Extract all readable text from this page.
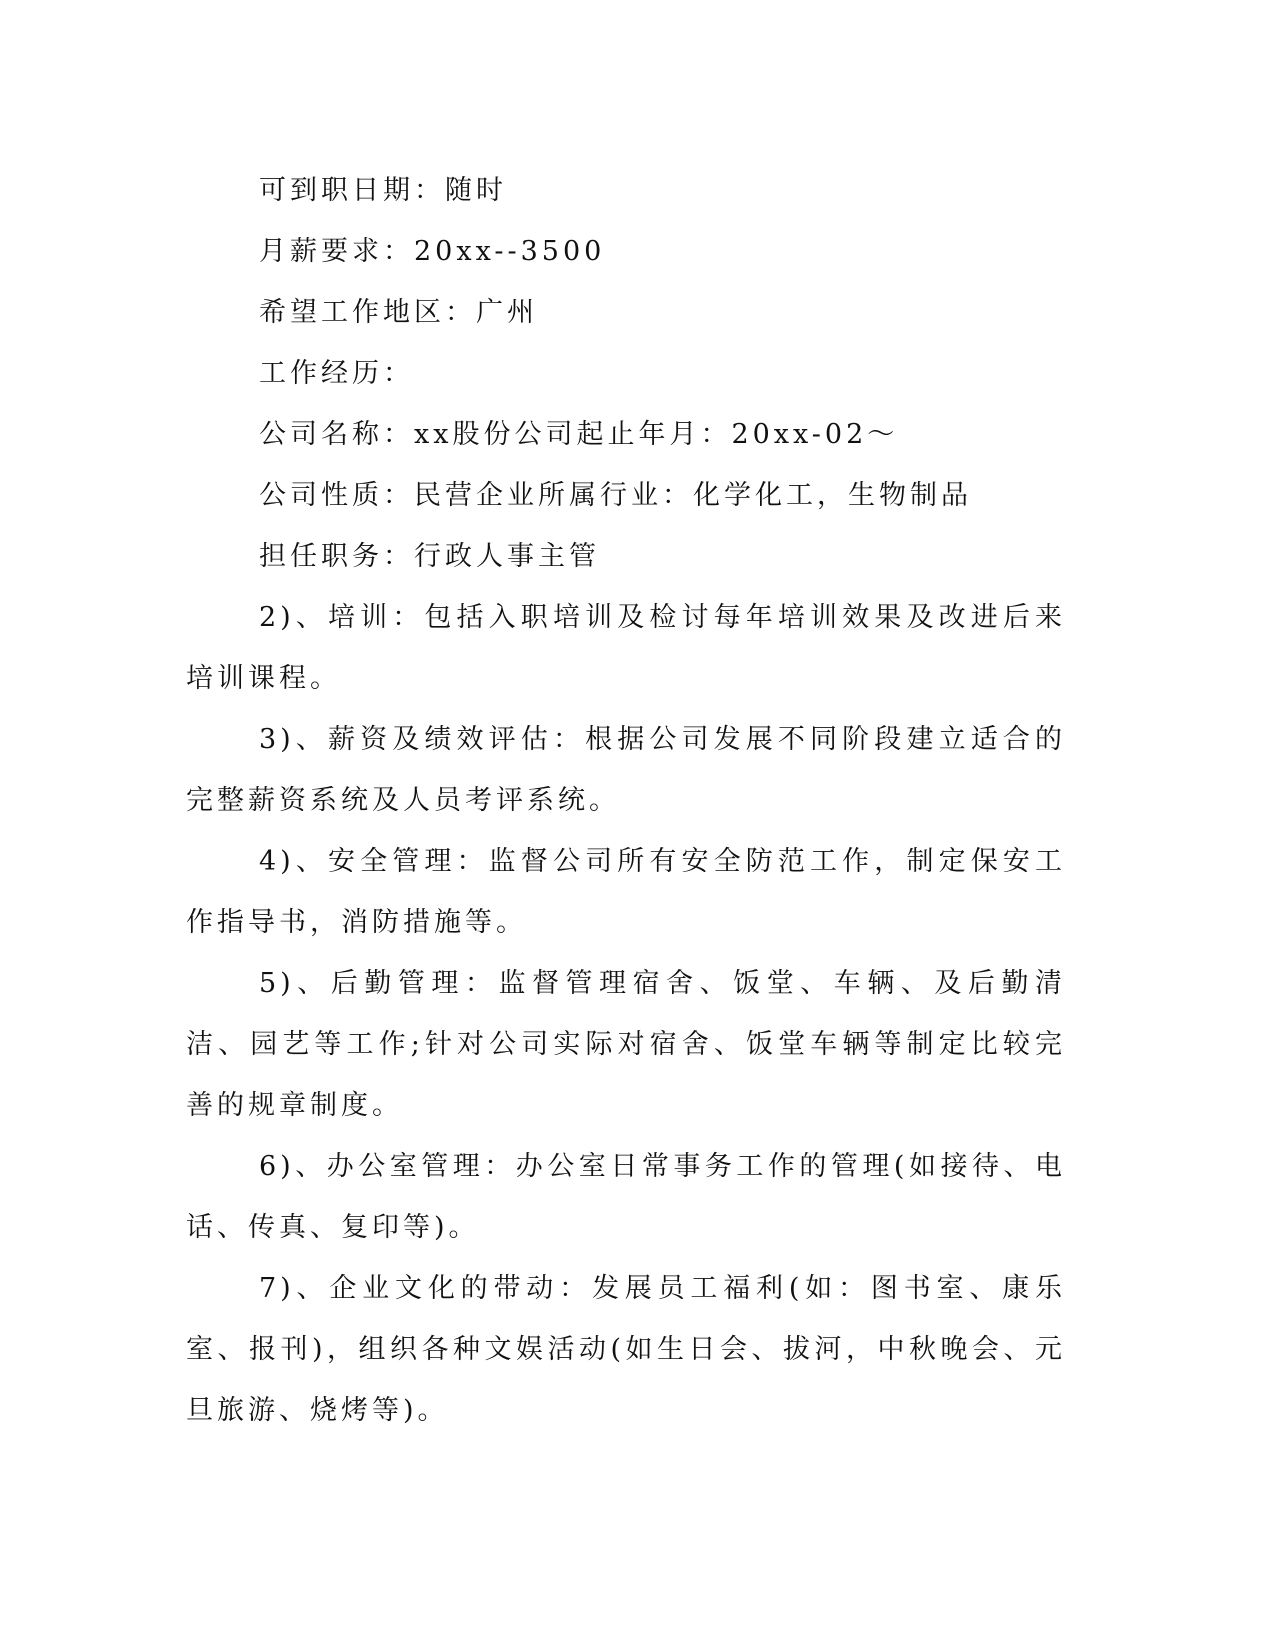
可到职日期：随时
月薪要求：20xx--3500
希望工作地区：广州
工作经历：
公司名称：xx股份公司起止年月：20xx-02～
公司性质：民营企业所属行业：化学化工，生物制品
担任职务：行政人事主管
2)、培训：包括入职培训及检讨每年培训效果及改进后来培训课程。
3)、薪资及绩效评估：根据公司发展不同阶段建立适合的完整薪资系统及人员考评系统。
4)、安全管理：监督公司所有安全防范工作，制定保安工作指导书，消防措施等。
5)、后勤管理：监督管理宿舍、饭堂、车辆、及后勤清洁、园艺等工作;针对公司实际对宿舍、饭堂车辆等制定比较完善的规章制度。
6)、办公室管理：办公室日常事务工作的管理(如接待、电话、传真、复印等)。
7)、企业文化的带动：发展员工福利(如：图书室、康乐室、报刊)，组织各种文娱活动(如生日会、拔河，中秋晚会、元旦旅游、烧烤等)。
